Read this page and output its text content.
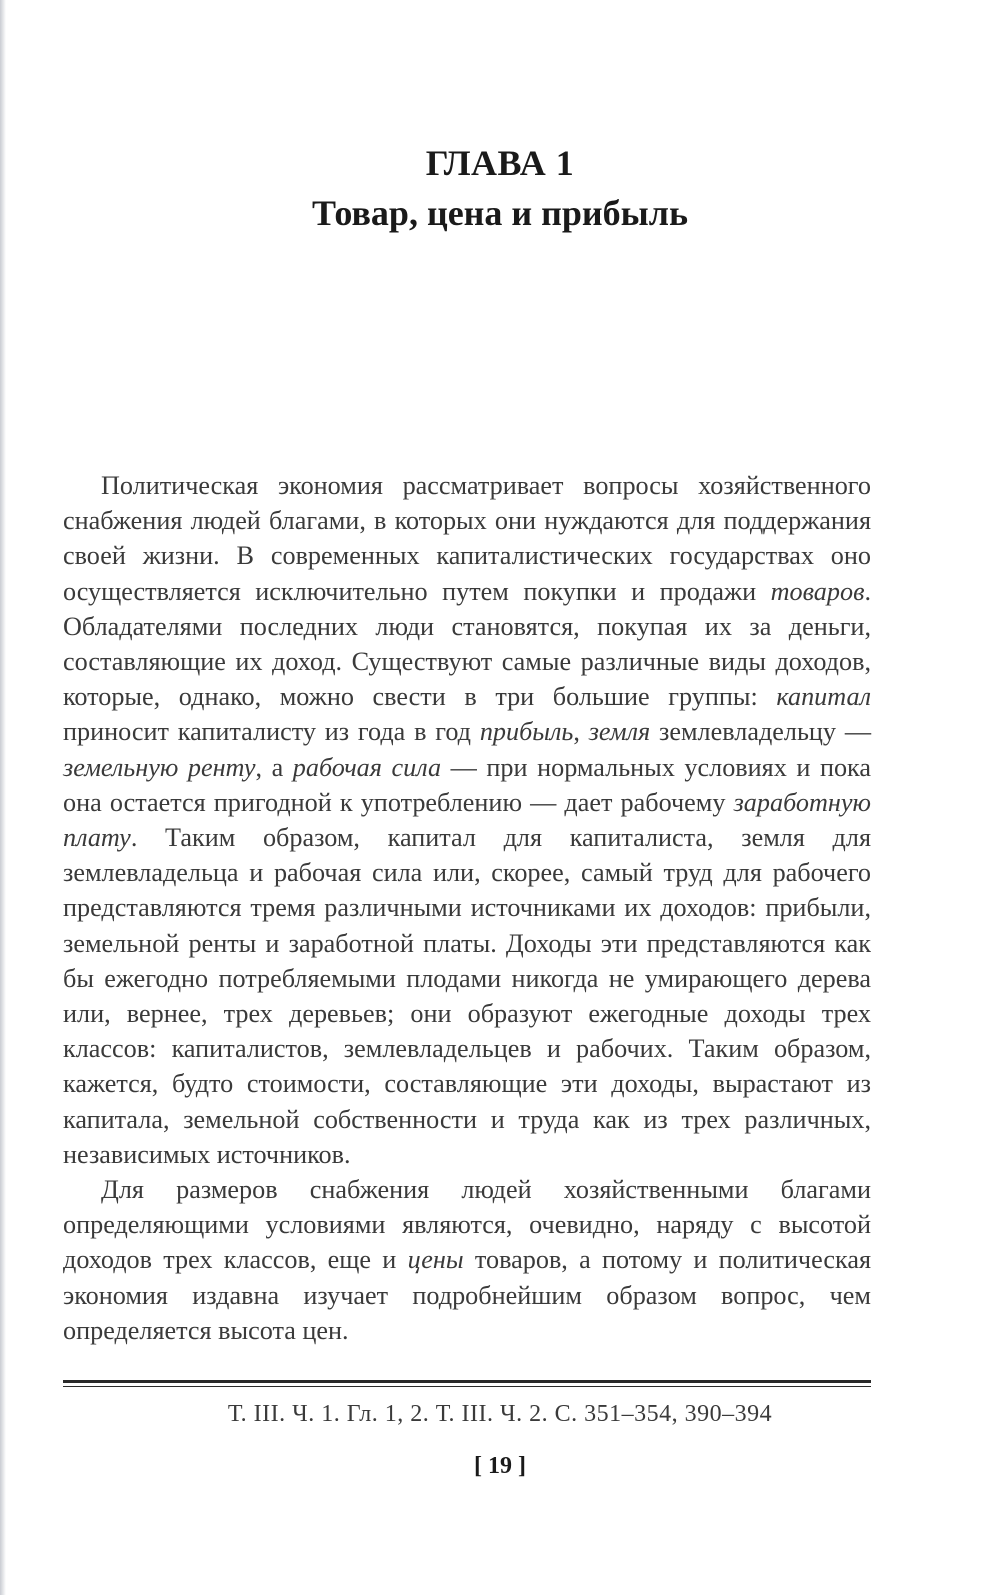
ГЛАВА 1
Товар, цена и прибыль

Политическая экономия рассматривает вопросы хозяйственного снабжения людей благами, в которых они нуждаются для поддержания своей жизни. В современных капиталистических государствах оно осуществляется исключительно путем покупки и продажи товаров. Обладателями последних люди становятся, покупая их за деньги, составляющие их доход. Существуют самые различные виды доходов, которые, однако, можно свести в три большие группы: капитал приносит капиталисту из года в год прибыль, земля землевладельцу — земельную ренту, а рабочая сила — при нормальных условиях и пока она остается пригодной к употреблению — дает рабочему заработную плату. Таким образом, капитал для капиталиста, земля для землевладельца и рабочая сила или, скорее, самый труд для рабочего представляются тремя различными источниками их доходов: прибыли, земельной ренты и заработной платы. Доходы эти представляются как бы ежегодно потребляемыми плодами никогда не умирающего дерева или, вернее, трех деревьев; они образуют ежегодные доходы трех классов: капиталистов, землевладельцев и рабочих. Таким образом, кажется, будто стоимости, составляющие эти доходы, вырастают из капитала, земельной собственности и труда как из трех различных, независимых источников.

Для размеров снабжения людей хозяйственными благами определяющими условиями являются, очевидно, наряду с высотой доходов трех классов, еще и цены товаров, а потому и политическая экономия издавна изучает подробнейшим образом вопрос, чем определяется высота цен.

Т. III. Ч. 1. Гл. 1, 2. Т. III. Ч. 2. С. 351–354, 390–394
[ 19 ]
